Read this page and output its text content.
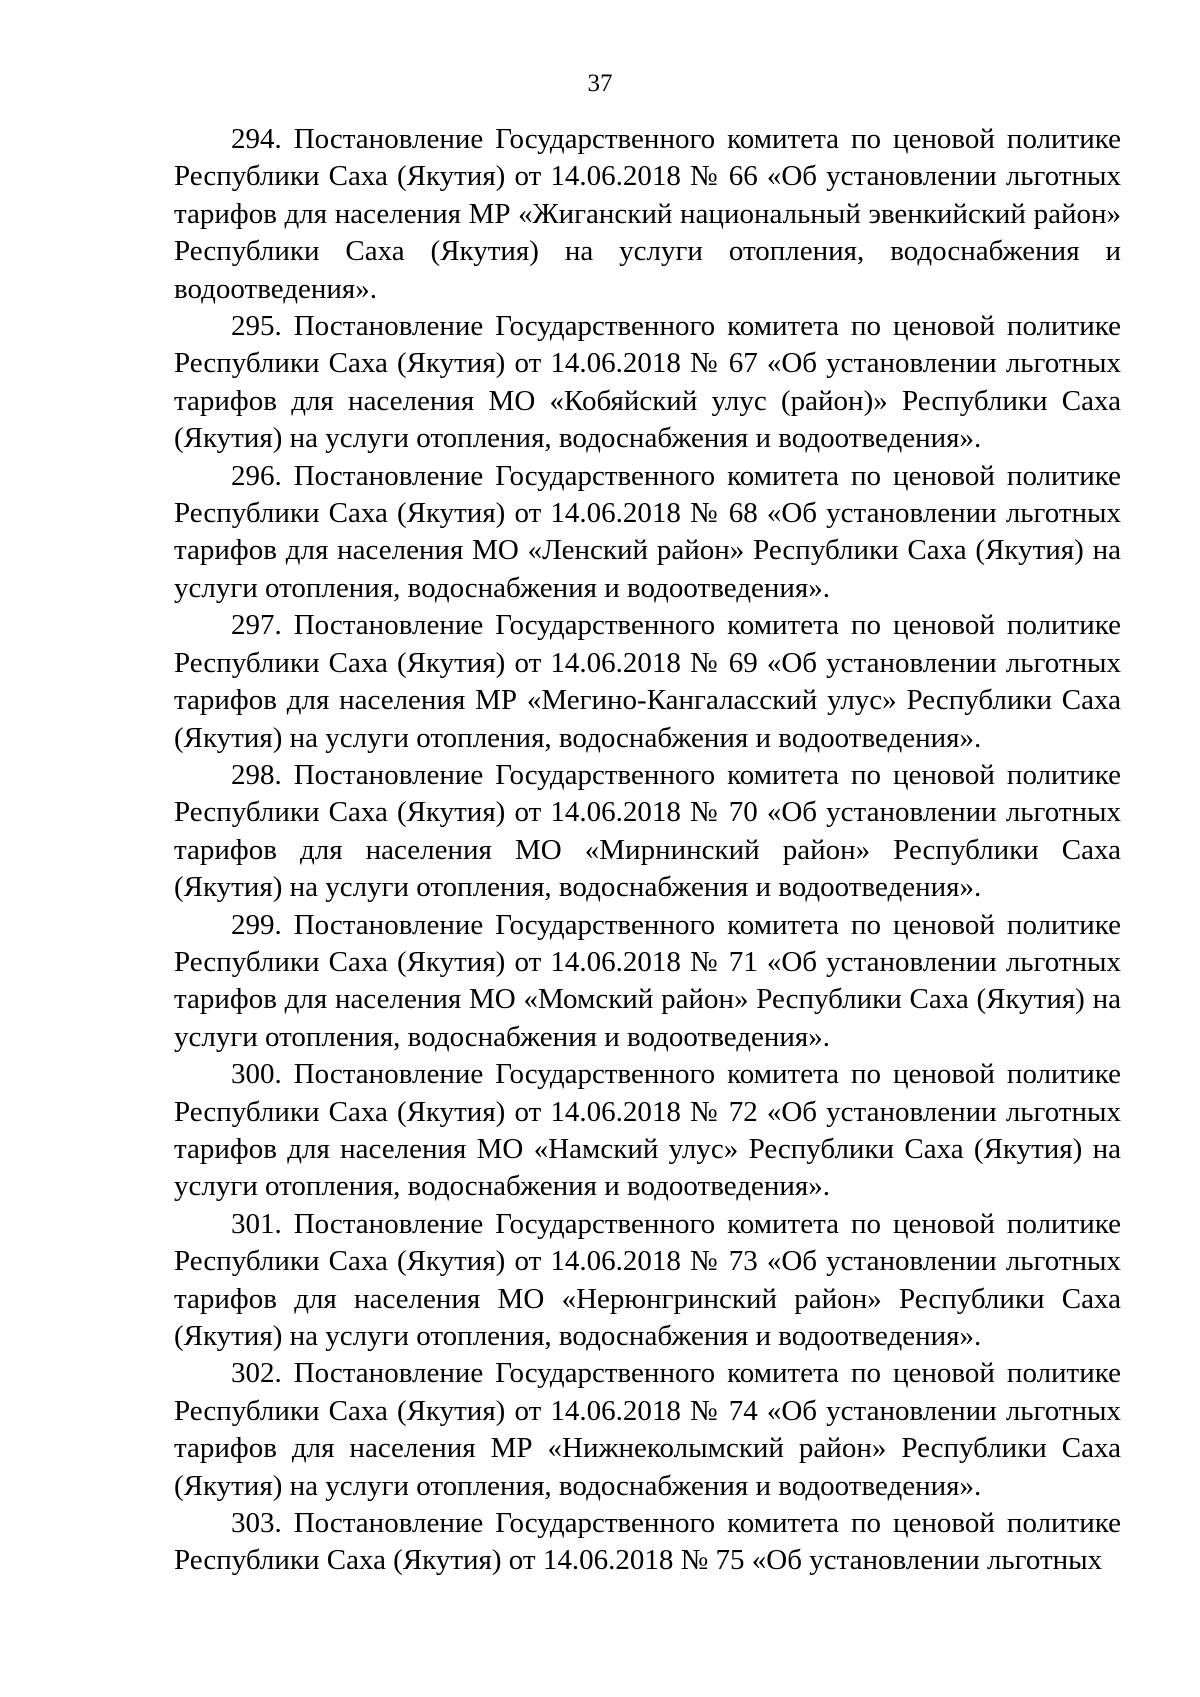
37

294. Постановление Государственного комитета по ценовой политике Республики Саха (Якутия) от 14.06.2018 № 66 «Об установлении льготных тарифов для населения МР «Жиганский национальный эвенкийский район» Республики Саха (Якутия) на услуги отопления, водоснабжения и водоотведения».

295. Постановление Государственного комитета по ценовой политике Республики Саха (Якутия) от 14.06.2018 № 67 «Об установлении льготных тарифов для населения МО «Кобяйский улус (район)» Республики Саха (Якутия) на услуги отопления, водоснабжения и водоотведения».

296. Постановление Государственного комитета по ценовой политике Республики Саха (Якутия) от 14.06.2018 № 68 «Об установлении льготных тарифов для населения МО «Ленский район» Республики Саха (Якутия) на услуги отопления, водоснабжения и водоотведения».

297. Постановление Государственного комитета по ценовой политике Республики Саха (Якутия) от 14.06.2018 № 69 «Об установлении льготных тарифов для населения МР «Мегино-Кангаласский улус» Республики Саха (Якутия) на услуги отопления, водоснабжения и водоотведения».

298. Постановление Государственного комитета по ценовой политике Республики Саха (Якутия) от 14.06.2018 № 70 «Об установлении льготных тарифов для населения МО «Мирнинский район» Республики Саха (Якутия) на услуги отопления, водоснабжения и водоотведения».

299. Постановление Государственного комитета по ценовой политике Республики Саха (Якутия) от 14.06.2018 № 71 «Об установлении льготных тарифов для населения МО «Момский район» Республики Саха (Якутия) на услуги отопления, водоснабжения и водоотведения».

300. Постановление Государственного комитета по ценовой политике Республики Саха (Якутия) от 14.06.2018 № 72 «Об установлении льготных тарифов для населения МО «Намский улус» Республики Саха (Якутия) на услуги отопления, водоснабжения и водоотведения».

301. Постановление Государственного комитета по ценовой политике Республики Саха (Якутия) от 14.06.2018 № 73 «Об установлении льготных тарифов для населения МО «Нерюнгринский район» Республики Саха (Якутия) на услуги отопления, водоснабжения и водоотведения».

302. Постановление Государственного комитета по ценовой политике Республики Саха (Якутия) от 14.06.2018 № 74 «Об установлении льготных тарифов для населения МР «Нижнеколымский район» Республики Саха (Якутия) на услуги отопления, водоснабжения и водоотведения».

303. Постановление Государственного комитета по ценовой политике Республики Саха (Якутия) от 14.06.2018 № 75 «Об установлении льготных
